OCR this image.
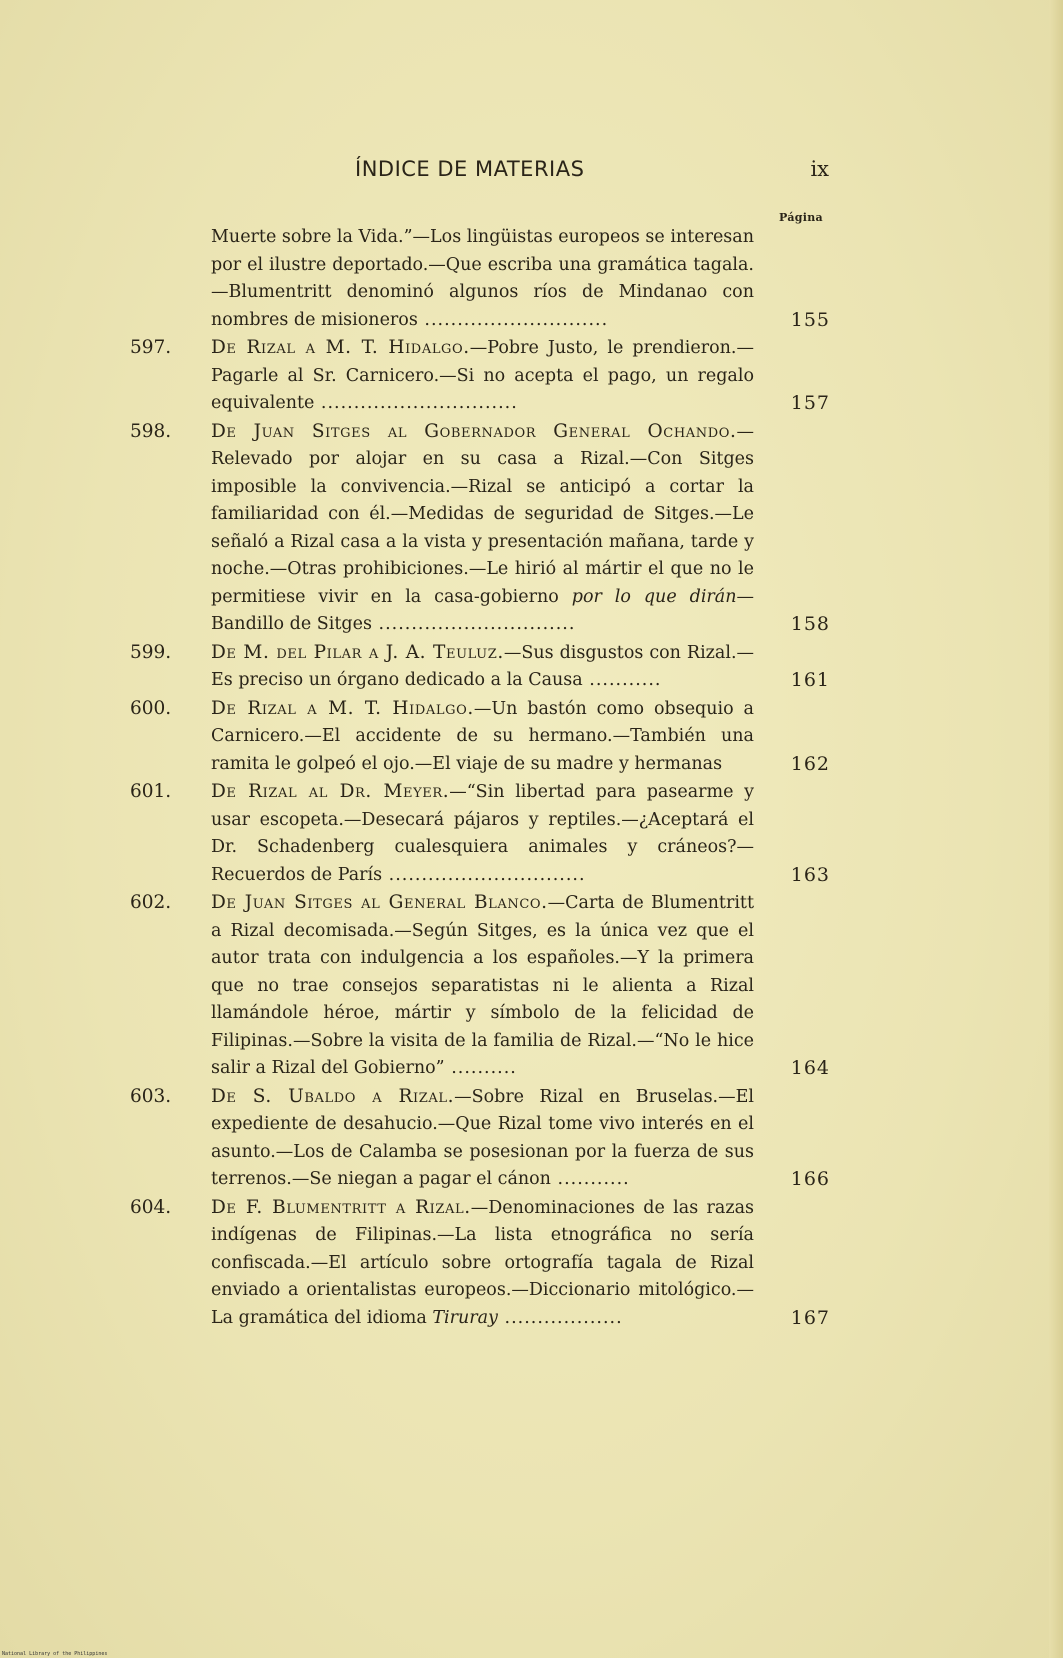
ÍNDICE DE MATERIAS	ix
Página
Muerte sobre la Vida.”—Los lingüistas europeos se interesan por el ilustre deportado.—Que escriba una gramática tagala.—Blumentritt denominó algunos ríos de Mindanao con nombres de misioneros ............................	155
597. De Rizal a M. T. Hidalgo.—Pobre Justo, le prendieron.—Pagarle al Sr. Carnicero.—Si no acepta el pago, un regalo equivalente ..............................	157
598. De Juan Sitges al Gobernador General Ochando.—Relevado por alojar en su casa a Rizal.—Con Sitges imposible la convivencia.—Rizal se anticipó a cortar la familiaridad con él.—Medidas de seguridad de Sitges.—Le señaló a Rizal casa a la vista y presentación mañana, tarde y noche.—Otras prohibiciones.—Le hirió al mártir el que no le permitiese vivir en la casa-gobierno por lo que dirán—Bandillo de Sitges ..............................	158
599. De M. del Pilar a J. A. Teuluz.—Sus disgustos con Rizal.—Es preciso un órgano dedicado a la Causa ...........	161
600. De Rizal a M. T. Hidalgo.—Un bastón como obsequio a Carnicero.—El accidente de su hermano.—También una ramita le golpeó el ojo.—El viaje de su madre y hermanas	162
601. De Rizal al Dr. Meyer.—“Sin libertad para pasearme y usar escopeta.—Desecará pájaros y reptiles.—¿Aceptará el Dr. Schadenberg cualesquiera animales y cráneos?—Recuerdos de París ..............................	163
602. De Juan Sitges al General Blanco.—Carta de Blumentritt a Rizal decomisada.—Según Sitges, es la única vez que el autor trata con indulgencia a los españoles.—Y la primera que no trae consejos separatistas ni le alienta a Rizal llamándole héroe, mártir y símbolo de la felicidad de Filipinas.—Sobre la visita de la familia de Rizal.—“No le hice salir a Rizal del Gobierno” ..........	164
603. De S. Ubaldo a Rizal.—Sobre Rizal en Bruselas.—El expediente de desahucio.—Que Rizal tome vivo interés en el asunto.—Los de Calamba se posesionan por la fuerza de sus terrenos.—Se niegan a pagar el cánon ...........	166
604. De F. Blumentritt a Rizal.—Denominaciones de las razas indígenas de Filipinas.—La lista etnográfica no sería confiscada.—El artículo sobre ortografía tagala de Rizal enviado a orientalistas europeos.—Diccionario mitológico.—La gramática del idioma Tiruray ..................	167
National Library of the Philippines
